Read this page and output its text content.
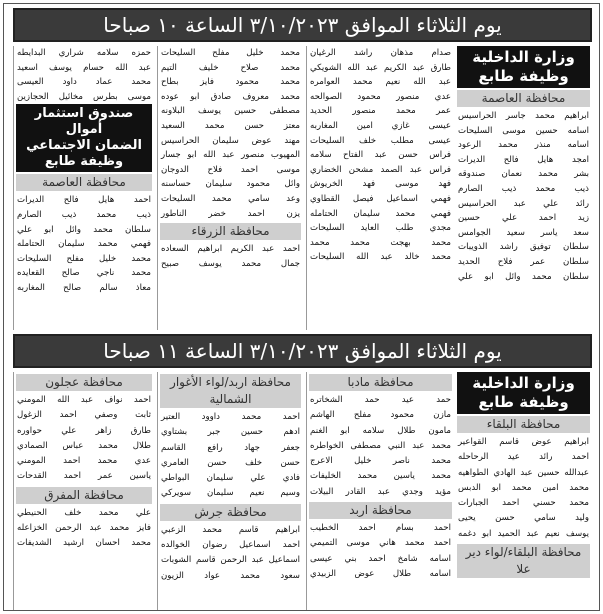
يوم الثلاثاء الموافق ٣/١٠/٢٠٢٣ الساعة ١٠ صباحا
وزارة الداخلية
وظيفة طابع
محافظة العاصمة
ابراهيم محمد جاسر الحراسيس
اسامه حسين موسى السليحات
اسامه منذر محمد الرعود
امجد هايل فالح الديرات
بشر محمد نعمان صندوقه
ذيب محمد ذيب الصارم
رائد علي عبد الحراسيس
زيد احمد علي حسين
سعد ياسر سعيد الجوامس
سلطان توفيق راشد الذويبات
سلطان عمر فلاح الحديد
سلطان محمد وائل ابو علي
صدام مذهان راشد الرغيان
طارق عبد الكريم عبد الله الشويكي
عبد الله نعيم محمد العوامره
عدي منصور محمود الصوالحه
عمر محمد منصور الحديد
عيسى غازي امين المغاربه
عيسى مطلب خلف السليحات
فراس حسن عبد الفتاح سلامه
فراس عبد الصمد مشحن الخضاري
فهد موسى فهد الخريوش
فهمي اسماعيل فيصل القطاوي
فهمي محمد سليمان الحتامله
مجدي طلب العايد السليحات
محمد بهجت محمد محمد
محمد خالد عبد الله السليحات
محمد خليل مفلح السليحات
محمد صلاح خليف التيم
محمد محمود فايز بطاح
محمد معروف صادق ابو عوده
مصطفى حسين يوسف البلاونه
معتز حسن محمد السعيد
مهند عوض سليمان الحراسيس
المهيوب منصور عبد الله ابو جسار
موسى احمد فلاح الدوجان
وائل محمود سليمان حساسنه
وعد سامي محمد السليحات
يزن احمد خضر الناطور
محافظة الزرقاء
احمد عبد الكريم ابراهيم السعاده
جمال محمد يوسف صبيح
حمزه سلامه شراري البدايطه
عبد الله حسام يوسف اسعيد
محمد عماد داود العيسى
موسى بطرس مخائيل الحجازين
صندوق استثمار أموال
الضمان الاجتماعي
وظيفة طابع
محافظة العاصمة
احمد هايل فالح الديرات
ذيب محمد ذيب الصارم
سلطان محمد وائل ابو علي
فهمي محمد سليمان الحتامله
محمد خليل مفلح السليحات
محمد ناجي صالح القعايده
معاذ سالم صالح المغاربه
يوم الثلاثاء الموافق ٣/١٠/٢٠٢٣ الساعة ١١ صباحا
وزارة الداخلية
وظيفة طابع
محافظة البلقاء
ابراهيم عوض قاسم القواعير
احمد رائد عيد الرحاحله
عبدالله حسين عبد الهادي الطواهيه
محمد امين محمد ابو الدبس
محمد حسني احمد الجبارات
وليد سامي حسن يحيى
يوسف نعيم عبد الحميد ابو دغمه
محافظة البلقاء/لواء دير علا
محافظة مادبا
حمد عيد حمد الشخاتره
مازن محمود مفلح الهاشم
مامون طلال سلامه ابو الغنم
محمد عبد النبي مصطفى الخواطره
محمد ناصر خليل الاعرج
محمد ياسين محمد الخليفات
مؤيد وجدي عبد القادر البيلات
محافظة اربد
احمد بسام احمد الخطيب
احمد محمد هاني موسى التميمي
اسامه شامخ احمد بني عيسى
اسامه طلال عوض الزبيدي
محافظة اربد/لواء الأغوار
الشمالية
احمد محمد داوود العتير
ادهم حسين جبر بشتاوي
جعفر جهاد رافع القاسم
حسن خلف حسن العامري
فادي علي سليمان البواطي
وسيم نعيم سليمان سويركي
محافظة جرش
ابراهيم قاسم محمد الزعبي
احمد اسماعيل رضوان الخوالده
اسماعيل عبد الرحمن قاسم الشوبات
سعود محمد عواد الزيون
محافظة عجلون
احمد نواف عبد الله المومني
ثابت وصفي احمد الزغول
طارق زاهر علي حواوره
طلال محمد عباس الصمادي
عدي محمد احمد المومني
ياسين عمر احمد القدحات
محافظة المفرق
علي محمد خلف الحنيطي
فايز محمد عبد الرحمن الخزاعله
محمد احسان ارشيد الشديفات
